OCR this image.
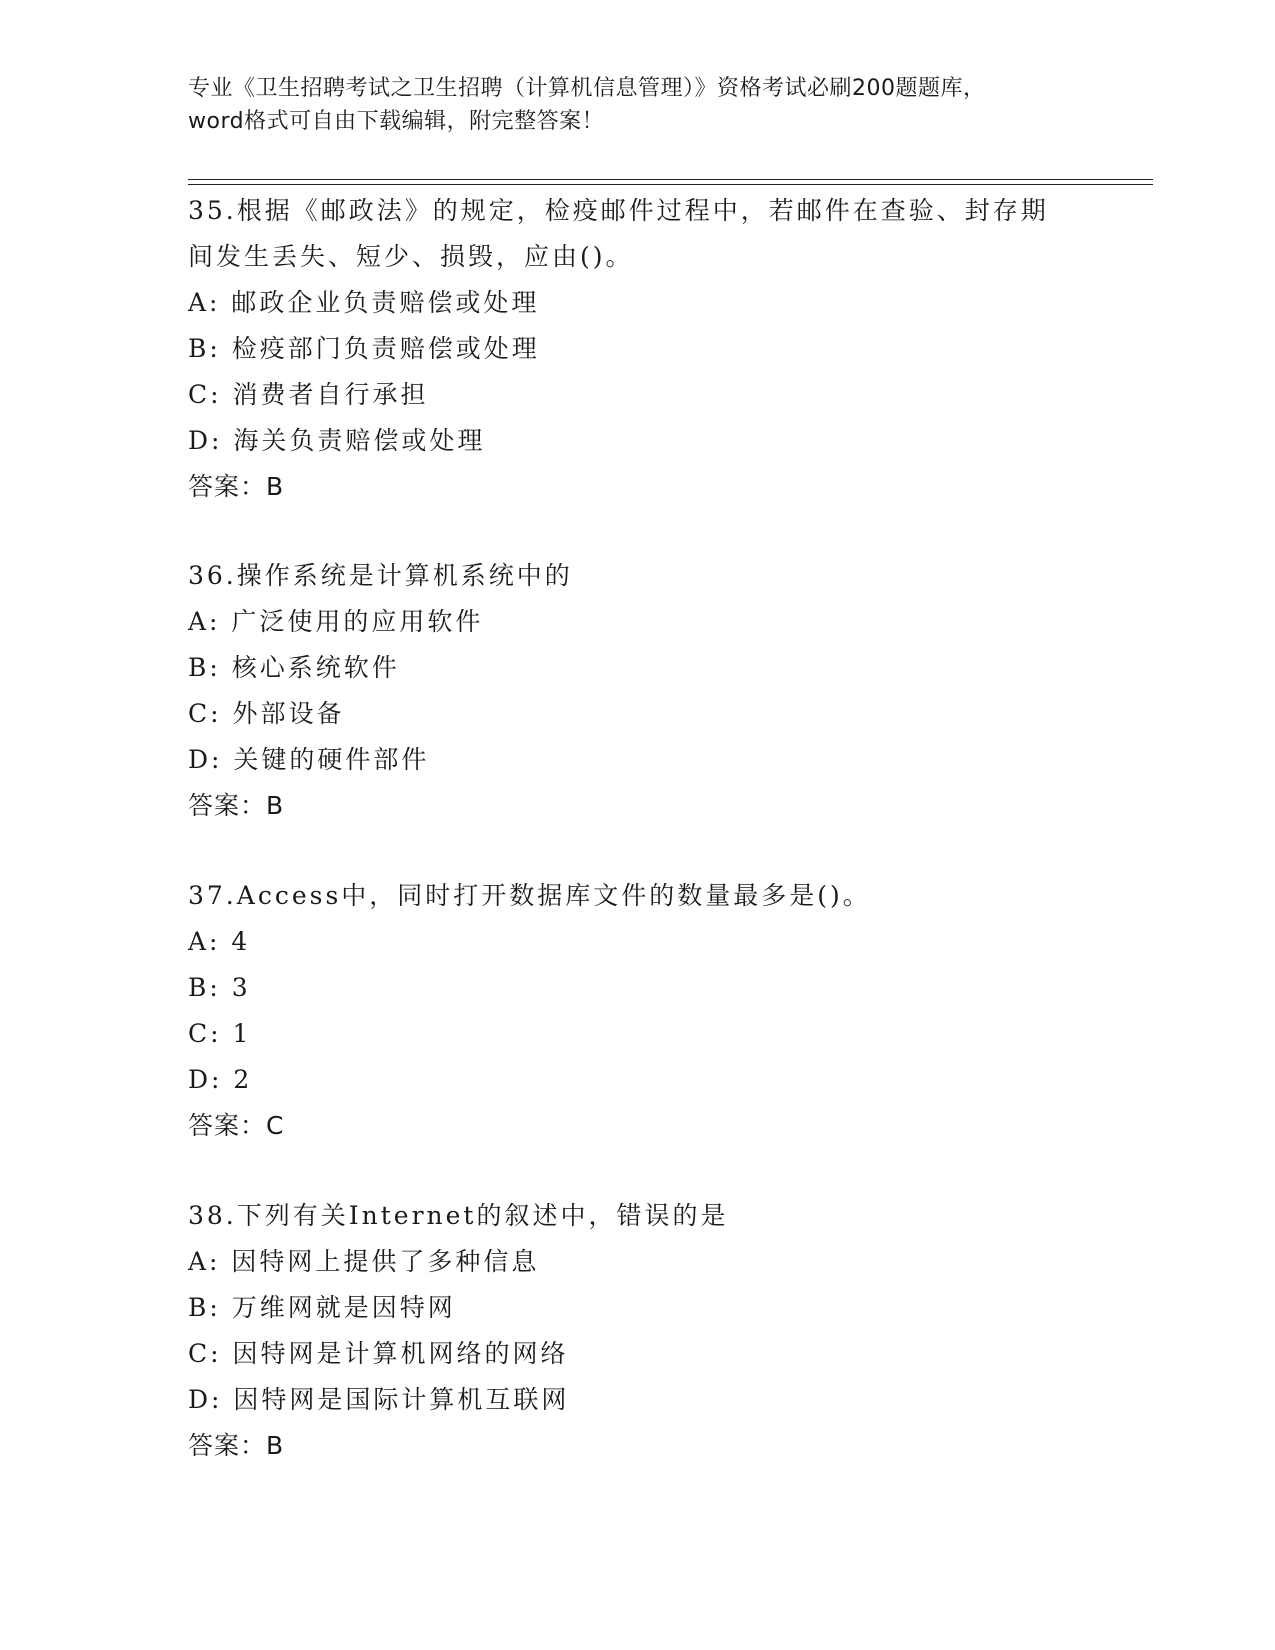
专业《卫生招聘考试之卫生招聘（计算机信息管理）》资格考试必刷200题题库，
word格式可自由下载编辑，附完整答案！
35.根据《邮政法》的规定，检疫邮件过程中，若邮件在查验、封存期
间发生丢失、短少、损毁，应由()。
A: 邮政企业负责赔偿或处理
B: 检疫部门负责赔偿或处理
C: 消费者自行承担
D: 海关负责赔偿或处理
答案：B
36.操作系统是计算机系统中的
A: 广泛使用的应用软件
B: 核心系统软件
C: 外部设备
D: 关键的硬件部件
答案：B
37.Access中，同时打开数据库文件的数量最多是()。
A: 4
B: 3
C: 1
D: 2
答案：C
38.下列有关Internet的叙述中，错误的是
A: 因特网上提供了多种信息
B: 万维网就是因特网
C: 因特网是计算机网络的网络
D: 因特网是国际计算机互联网
答案：B
